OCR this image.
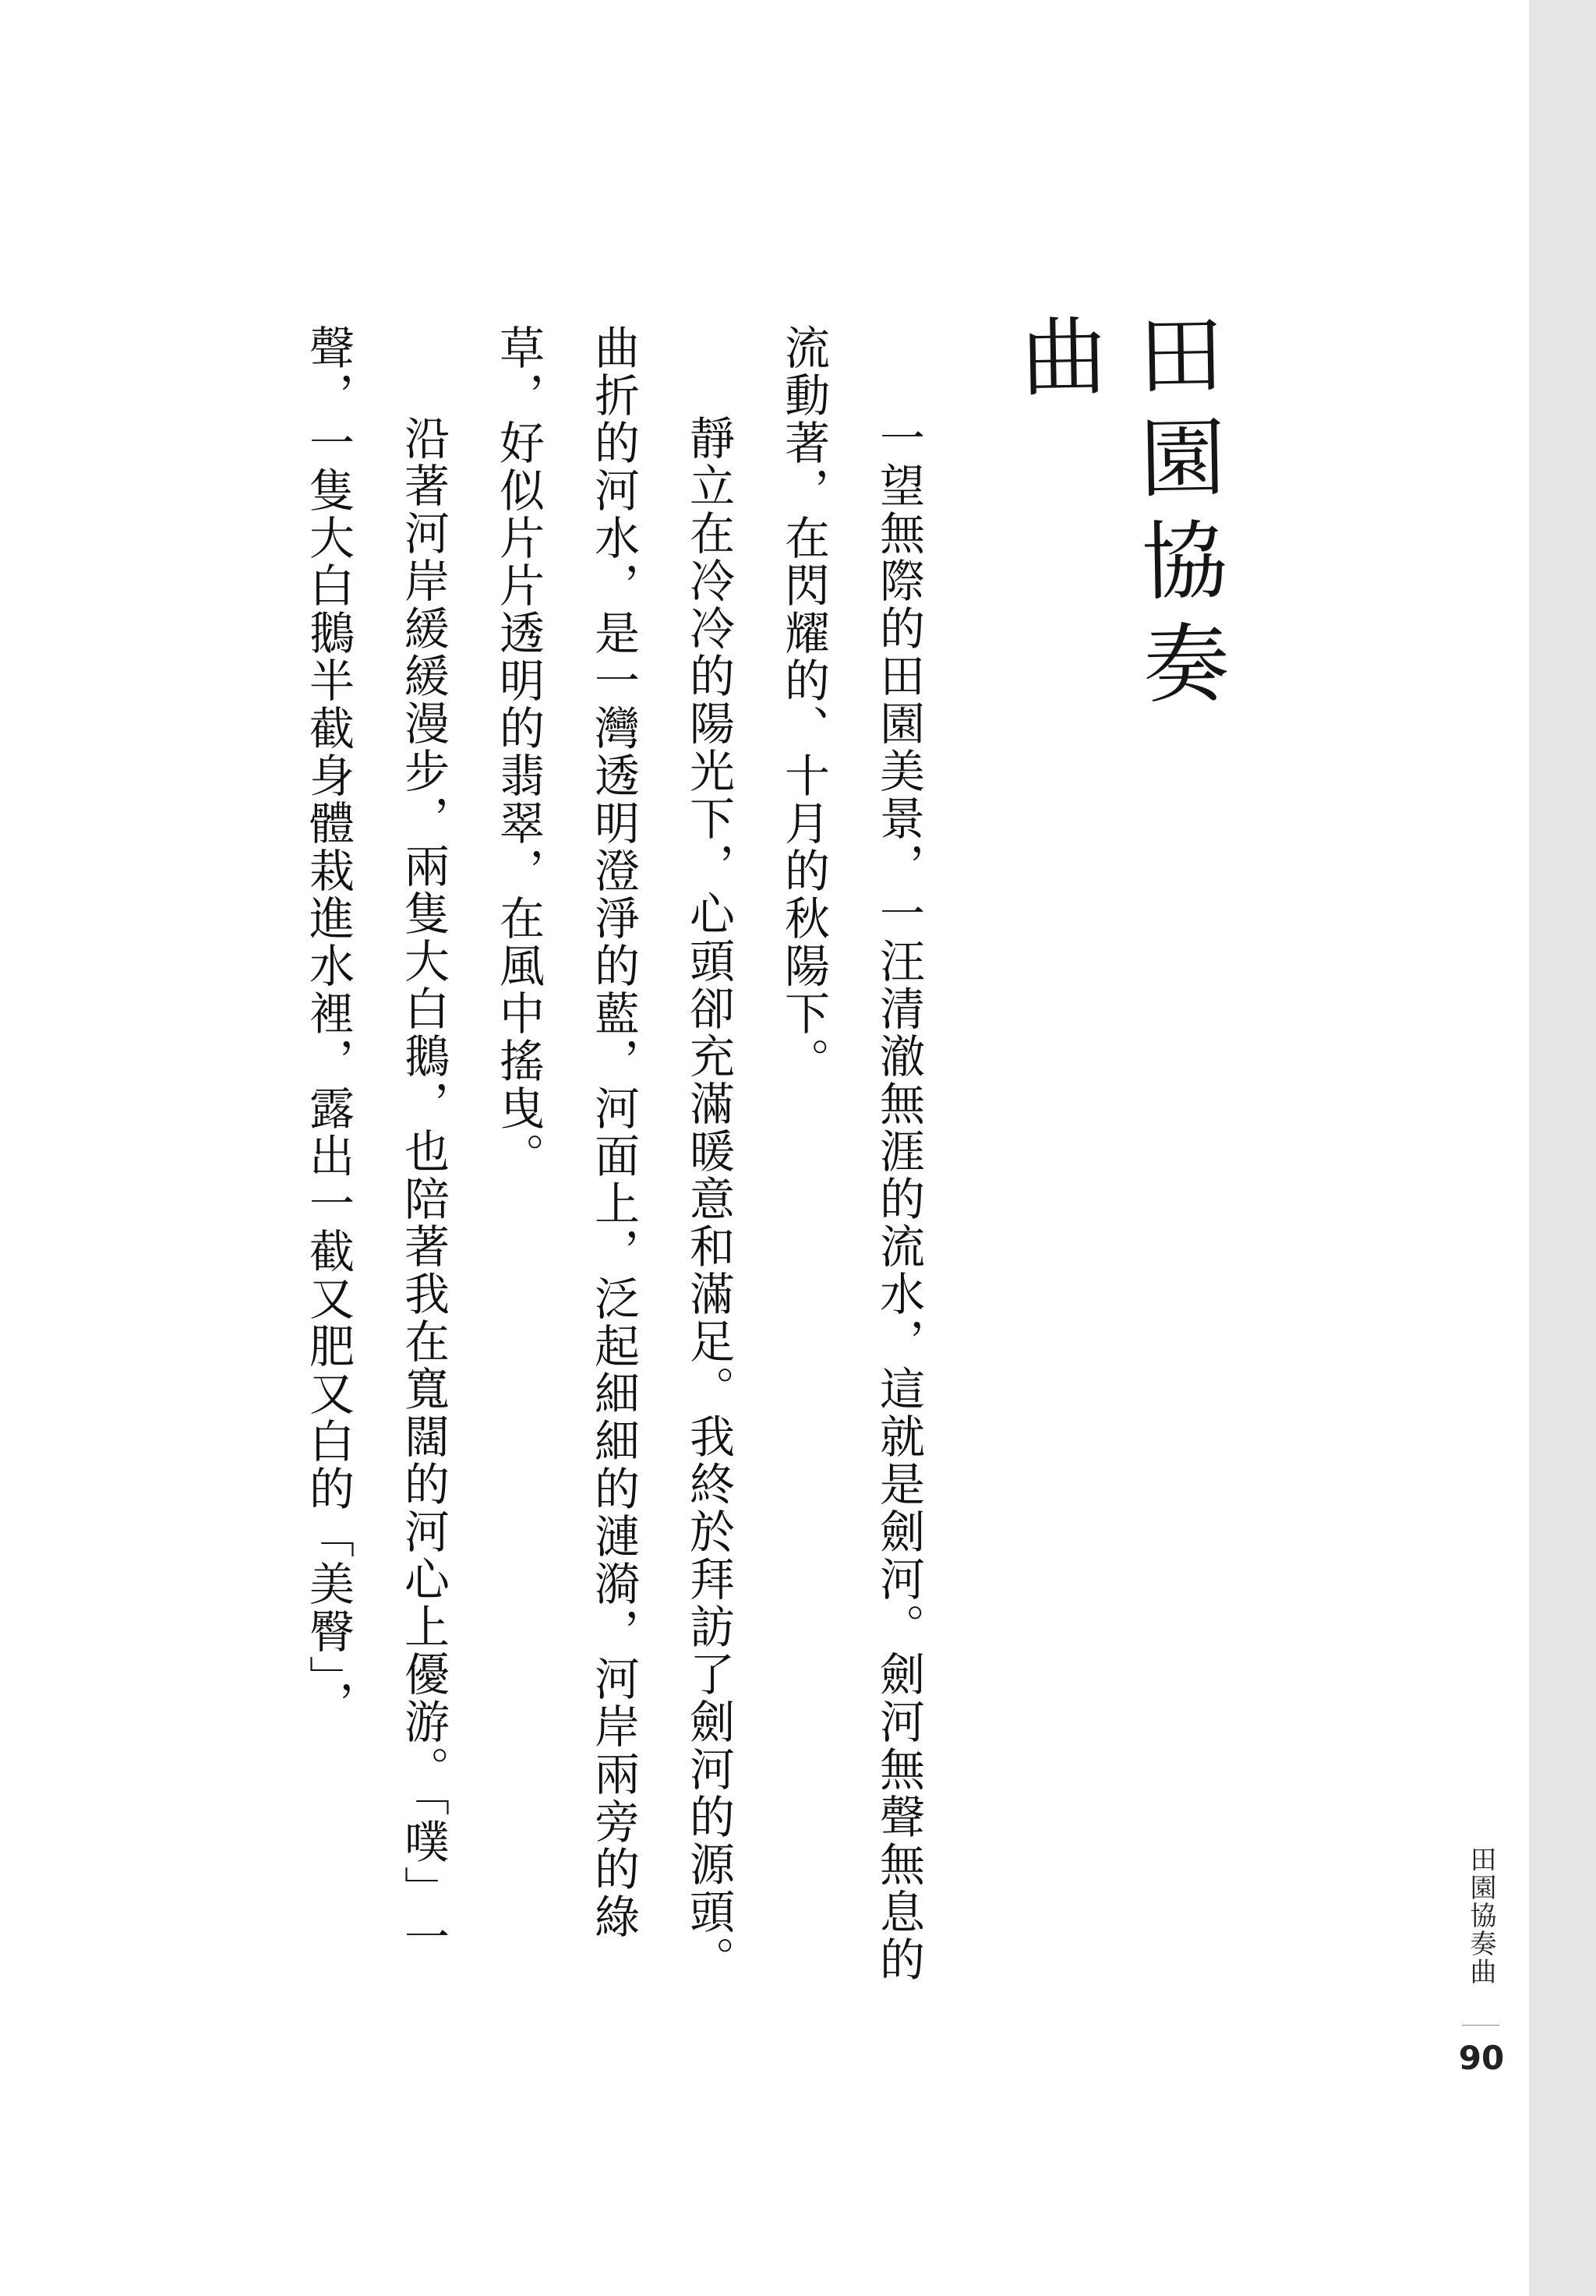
田園協奏曲

一望無際的田園美景，一汪清澈無涯的流水，這就是劍河。劍河無聲無息的流動著，在閃耀的、十月的秋陽下。

靜立在冷冷的陽光下，心頭卻充滿暖意和滿足。我終於拜訪了劍河的源頭。曲折的河水，是一灣透明澄淨的藍，河面上，泛起細細的漣漪，河岸兩旁的綠草，好似片片透明的翡翠，在風中搖曳。

沿著河岸緩緩漫步，兩隻大白鵝，也陪著我在寬闊的河心上優游。「噗」一聲，一隻大白鵝半截身體栽進水裡，露出一截又肥又白的「美臀」，

田園協奏曲
90
